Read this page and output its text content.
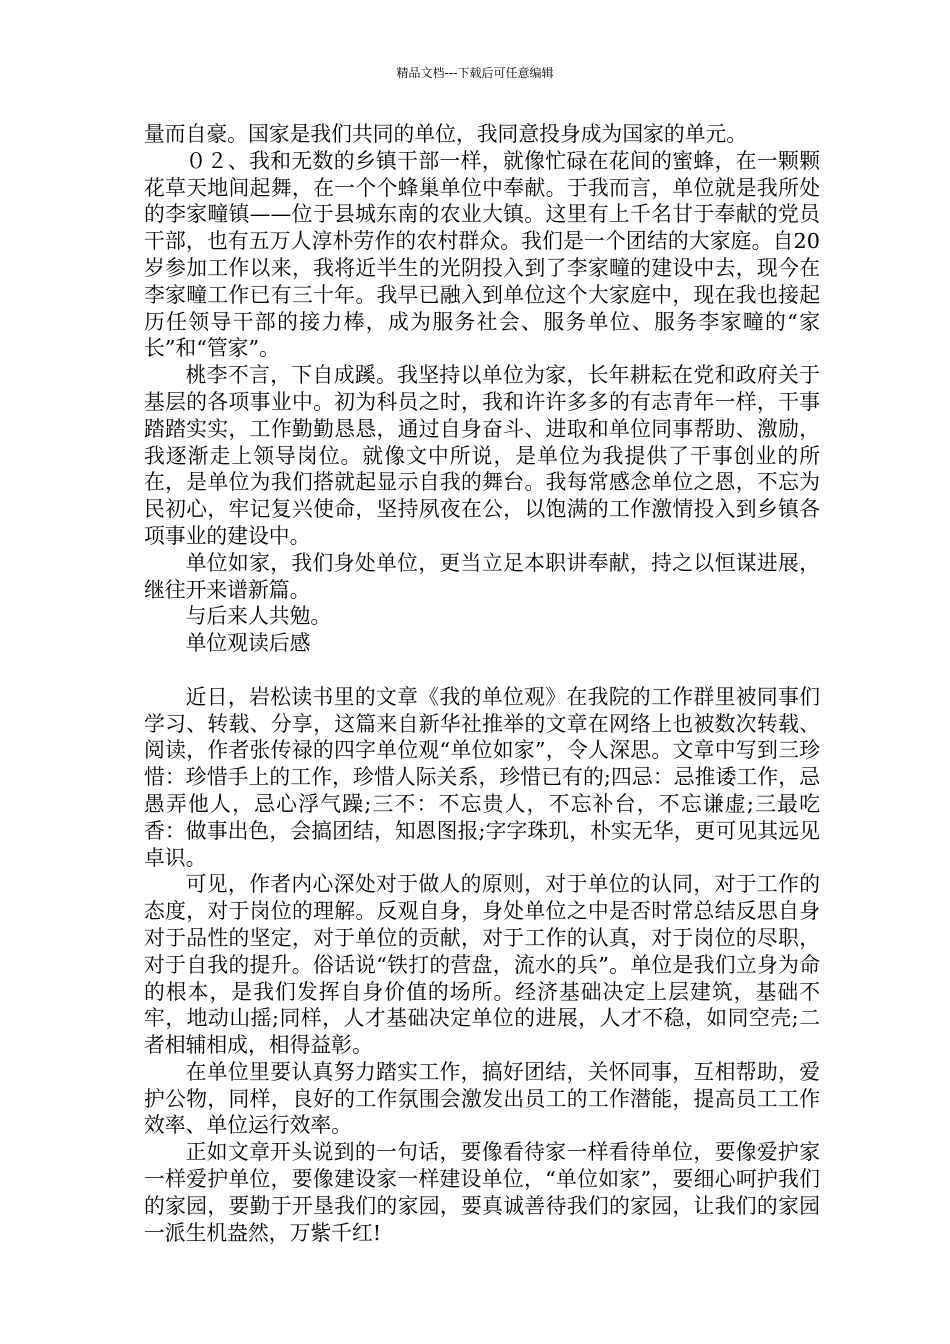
精品文档---下载后可任意编辑

量而自豪。国家是我们共同的单位，我同意投身成为国家的单元。

０２、我和无数的乡镇干部一样，就像忙碌在花间的蜜蜂，在一颗颗花草天地间起舞，在一个个蜂巢单位中奉献。于我而言，单位就是我所处的李家疃镇——位于县城东南的农业大镇。这里有上千名甘于奉献的党员干部，也有五万人淳朴劳作的农村群众。我们是一个团结的大家庭。自20岁参加工作以来，我将近半生的光阴投入到了李家疃的建设中去，现今在李家疃工作已有三十年。我早已融入到单位这个大家庭中，现在我也接起历任领导干部的接力棒，成为服务社会、服务单位、服务李家疃的“家长”和“管家”。

桃李不言，下自成蹊。我坚持以单位为家，长年耕耘在党和政府关于基层的各项事业中。初为科员之时，我和许许多多的有志青年一样，干事踏踏实实，工作勤勤恳恳，通过自身奋斗、进取和单位同事帮助、激励，我逐渐走上领导岗位。就像文中所说，是单位为我提供了干事创业的所在，是单位为我们搭就起显示自我的舞台。我每常感念单位之恩，不忘为民初心，牢记复兴使命，坚持夙夜在公，以饱满的工作激情投入到乡镇各项事业的建设中。

单位如家，我们身处单位，更当立足本职讲奉献，持之以恒谋进展，继往开来谱新篇。

与后来人共勉。

单位观读后感

近日，岩松读书里的文章《我的单位观》在我院的工作群里被同事们学习、转载、分享，这篇来自新华社推举的文章在网络上也被数次转载、阅读，作者张传禄的四字单位观“单位如家”，令人深思。文章中写到三珍惜：珍惜手上的工作，珍惜人际关系，珍惜已有的;四忌：忌推诿工作，忌愚弄他人，忌心浮气躁;三不：不忘贵人，不忘补台，不忘谦虚;三最吃香：做事出色，会搞团结，知恩图报;字字珠玑，朴实无华，更可见其远见卓识。

可见，作者内心深处对于做人的原则，对于单位的认同，对于工作的态度，对于岗位的理解。反观自身，身处单位之中是否时常总结反思自身对于品性的坚定，对于单位的贡献，对于工作的认真，对于岗位的尽职，对于自我的提升。俗话说“铁打的营盘，流水的兵”。单位是我们立身为命的根本，是我们发挥自身价值的场所。经济基础决定上层建筑，基础不牢，地动山摇;同样，人才基础决定单位的进展，人才不稳，如同空壳;二者相辅相成，相得益彰。

在单位里要认真努力踏实工作，搞好团结，关怀同事，互相帮助，爱护公物，同样，良好的工作氛围会激发出员工的工作潜能，提高员工工作效率、单位运行效率。

正如文章开头说到的一句话，要像看待家一样看待单位，要像爱护家一样爱护单位，要像建设家一样建设单位，“单位如家”，要细心呵护我们的家园，要勤于开垦我们的家园，要真诚善待我们的家园，让我们的家园一派生机盎然，万紫千红!
